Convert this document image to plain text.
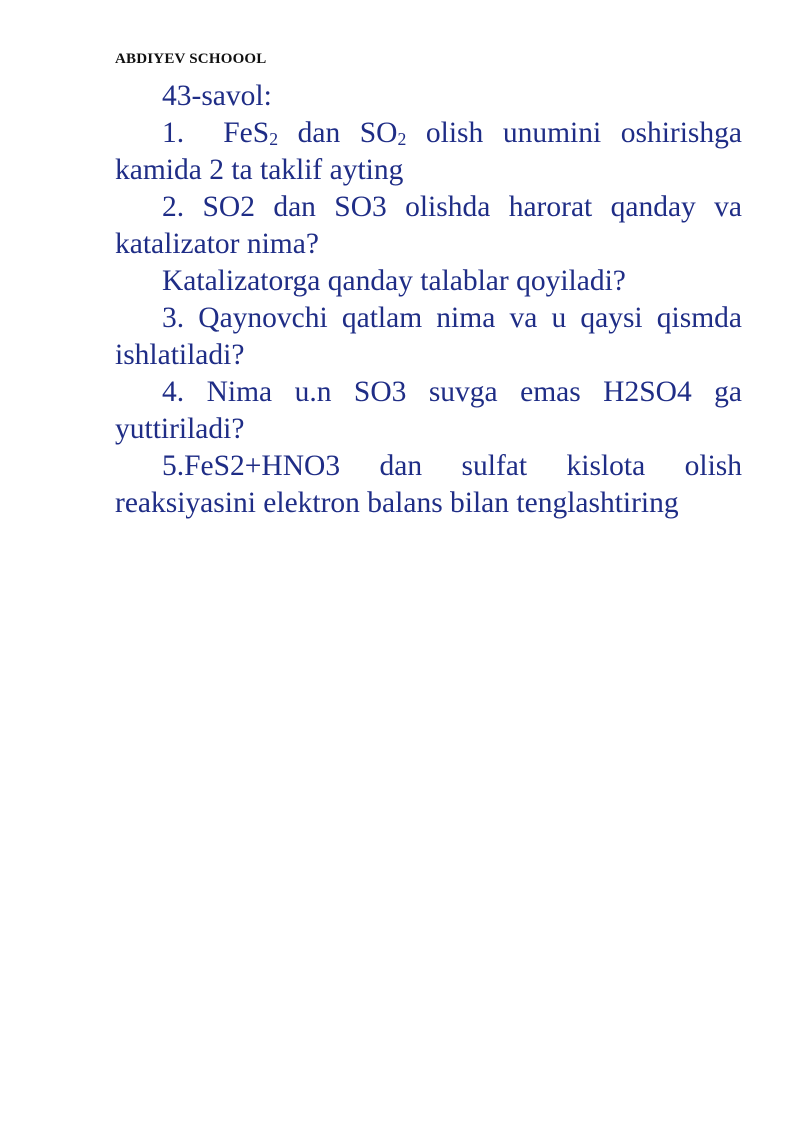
ABDIYEV SCHOOOL

43-savol:

1. FeS$_2$ dan $SO_2$ olish unumini oshirishga kamida 2 ta taklif ayting

2. SO2 dan SO3 olishda harorat qanday va katalizator nima?

Katalizatorga qanday talablar qoyiladi?

3. Qaynovchi qatlam nima va u qaysi qismda ishlatiladi?

4. Nima u.n SO3 suvga emas H2SO4 ga yuttiriladi?

5.FeS2+HNO3 dan sulfat kislota olish reaksiyasini elektron balans bilan tenglashtiring
